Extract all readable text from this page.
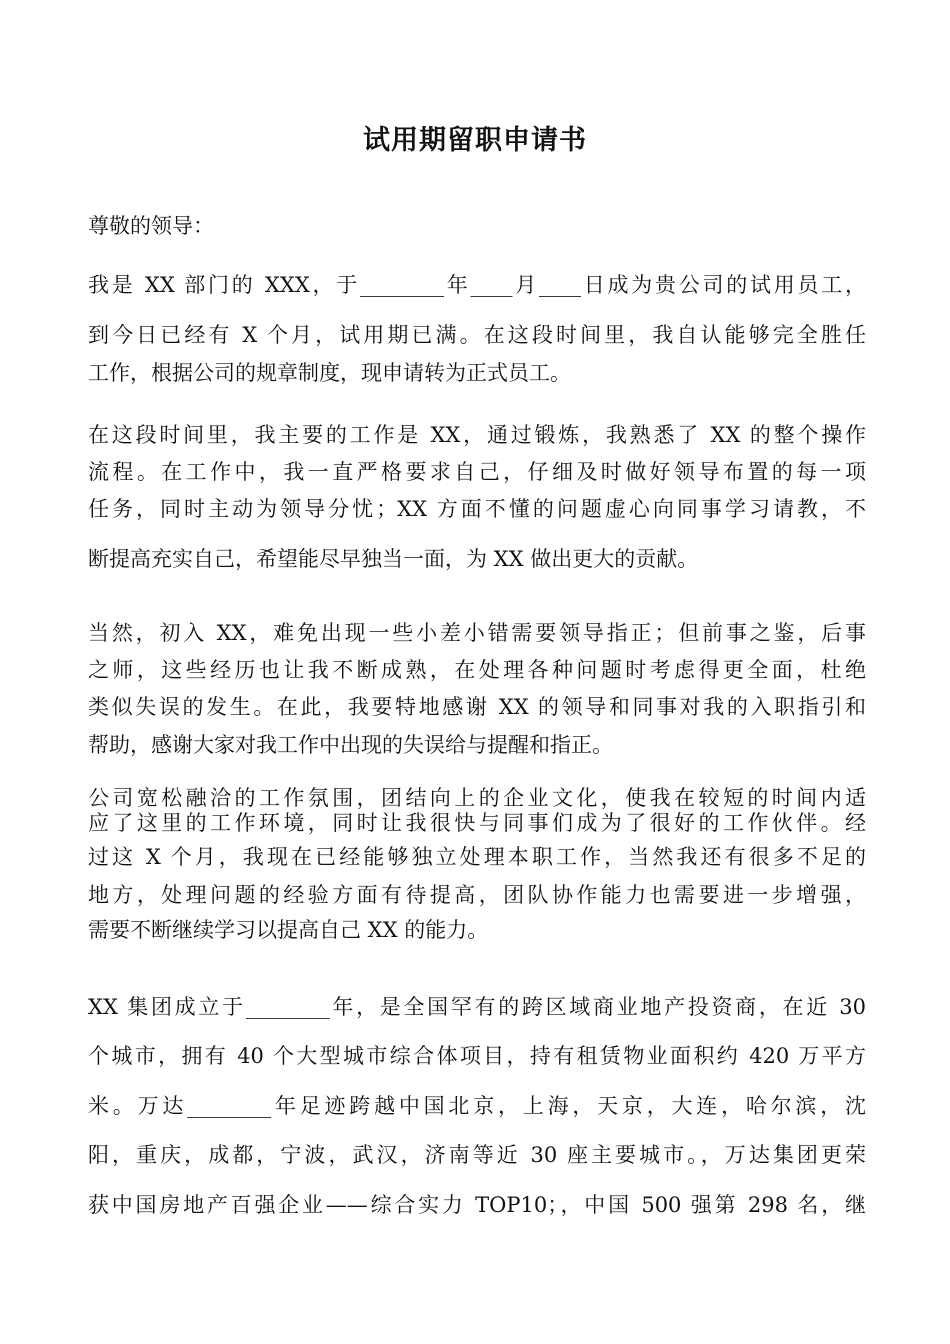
试用期留职申请书
尊敬的领导：
我是 XX 部门的 XXX，于________年____月____日成为贵公司的试用员工，
到今日已经有 X 个月，试用期已满。在这段时间里，我自认能够完全胜任
工作，根据公司的规章制度，现申请转为正式员工。
在这段时间里，我主要的工作是 XX，通过锻炼，我熟悉了 XX 的整个操作
流程。在工作中，我一直严格要求自己，仔细及时做好领导布置的每一项
任务，同时主动为领导分忧；XX 方面不懂的问题虚心向同事学习请教，不
断提高充实自己，希望能尽早独当一面，为 XX 做出更大的贡献。
当然，初入 XX，难免出现一些小差小错需要领导指正；但前事之鉴，后事
之师，这些经历也让我不断成熟，在处理各种问题时考虑得更全面，杜绝
类似失误的发生。在此，我要特地感谢 XX 的领导和同事对我的入职指引和
帮助，感谢大家对我工作中出现的失误给与提醒和指正。
公司宽松融洽的工作氛围，团结向上的企业文化，使我在较短的时间内适
应了这里的工作环境，同时让我很快与同事们成为了很好的工作伙伴。经
过这 X 个月，我现在已经能够独立处理本职工作，当然我还有很多不足的
地方，处理问题的经验方面有待提高，团队协作能力也需要进一步增强，
需要不断继续学习以提高自己 XX 的能力。
XX 集团成立于________年，是全国罕有的跨区域商业地产投资商，在近 30
个城市，拥有 40 个大型城市综合体项目，持有租赁物业面积约 420 万平方
米。万达________年足迹跨越中国北京，上海，天京，大连，哈尔滨，沈
阳，重庆，成都，宁波，武汉，济南等近 30 座主要城市。，万达集团更荣
获中国房地产百强企业——综合实力 TOP10；，中国 500 强第 298 名，继
